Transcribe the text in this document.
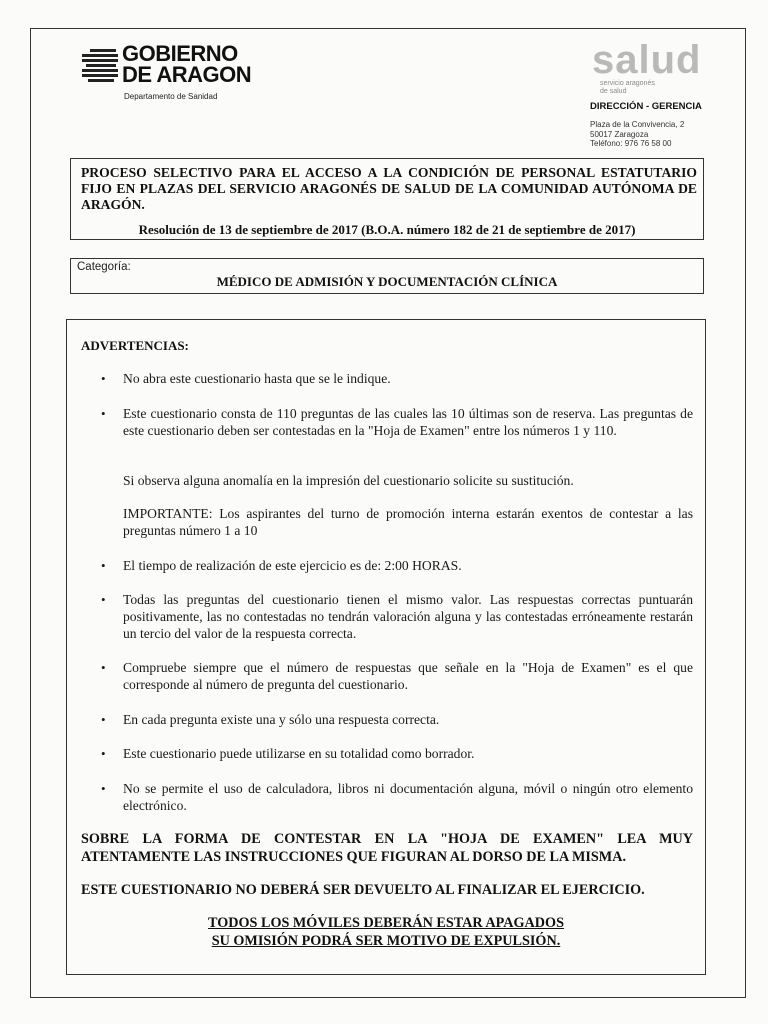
GOBIERNO
DE ARAGON
Departamento de Sanidad
salud
servicio aragonés
de salud
DIRECCIÓN - GERENCIA
Plaza de la Convivencia, 2
50017 Zaragoza
Teléfono: 976 76 58 00
PROCESO SELECTIVO PARA EL ACCESO A LA CONDICIÓN DE PERSONAL ESTATUTARIO FIJO EN PLAZAS DEL SERVICIO ARAGONÉS DE SALUD DE LA COMUNIDAD AUTÓNOMA DE ARAGÓN.
Resolución de 13 de septiembre de 2017 (B.O.A. número 182 de 21 de septiembre de 2017)
Categoría:
MÉDICO DE ADMISIÓN Y DOCUMENTACIÓN CLÍNICA
ADVERTENCIAS:
• No abra este cuestionario hasta que se le indique.
• Este cuestionario consta de 110 preguntas de las cuales las 10 últimas son de reserva. Las preguntas de este cuestionario deben ser contestadas en la "Hoja de Examen" entre los números 1 y 110.
Si observa alguna anomalía en la impresión del cuestionario solicite su sustitución.
IMPORTANTE: Los aspirantes del turno de promoción interna estarán exentos de contestar a las preguntas número 1 a 10
• El tiempo de realización de este ejercicio es de: 2:00 HORAS.
• Todas las preguntas del cuestionario tienen el mismo valor. Las respuestas correctas puntuarán positivamente, las no contestadas no tendrán valoración alguna y las contestadas erróneamente restarán un tercio del valor de la respuesta correcta.
• Compruebe siempre que el número de respuestas que señale en la "Hoja de Examen" es el que corresponde al número de pregunta del cuestionario.
• En cada pregunta existe una y sólo una respuesta correcta.
• Este cuestionario puede utilizarse en su totalidad como borrador.
• No se permite el uso de calculadora, libros ni documentación alguna, móvil o ningún otro elemento electrónico.
SOBRE LA FORMA DE CONTESTAR EN LA "HOJA DE EXAMEN" LEA MUY ATENTAMENTE LAS INSTRUCCIONES QUE FIGURAN AL DORSO DE LA MISMA.
ESTE CUESTIONARIO NO DEBERÁ SER DEVUELTO AL FINALIZAR EL EJERCICIO.
TODOS LOS MÓVILES DEBERÁN ESTAR APAGADOS
SU OMISIÓN PODRÁ SER MOTIVO DE EXPULSIÓN.
